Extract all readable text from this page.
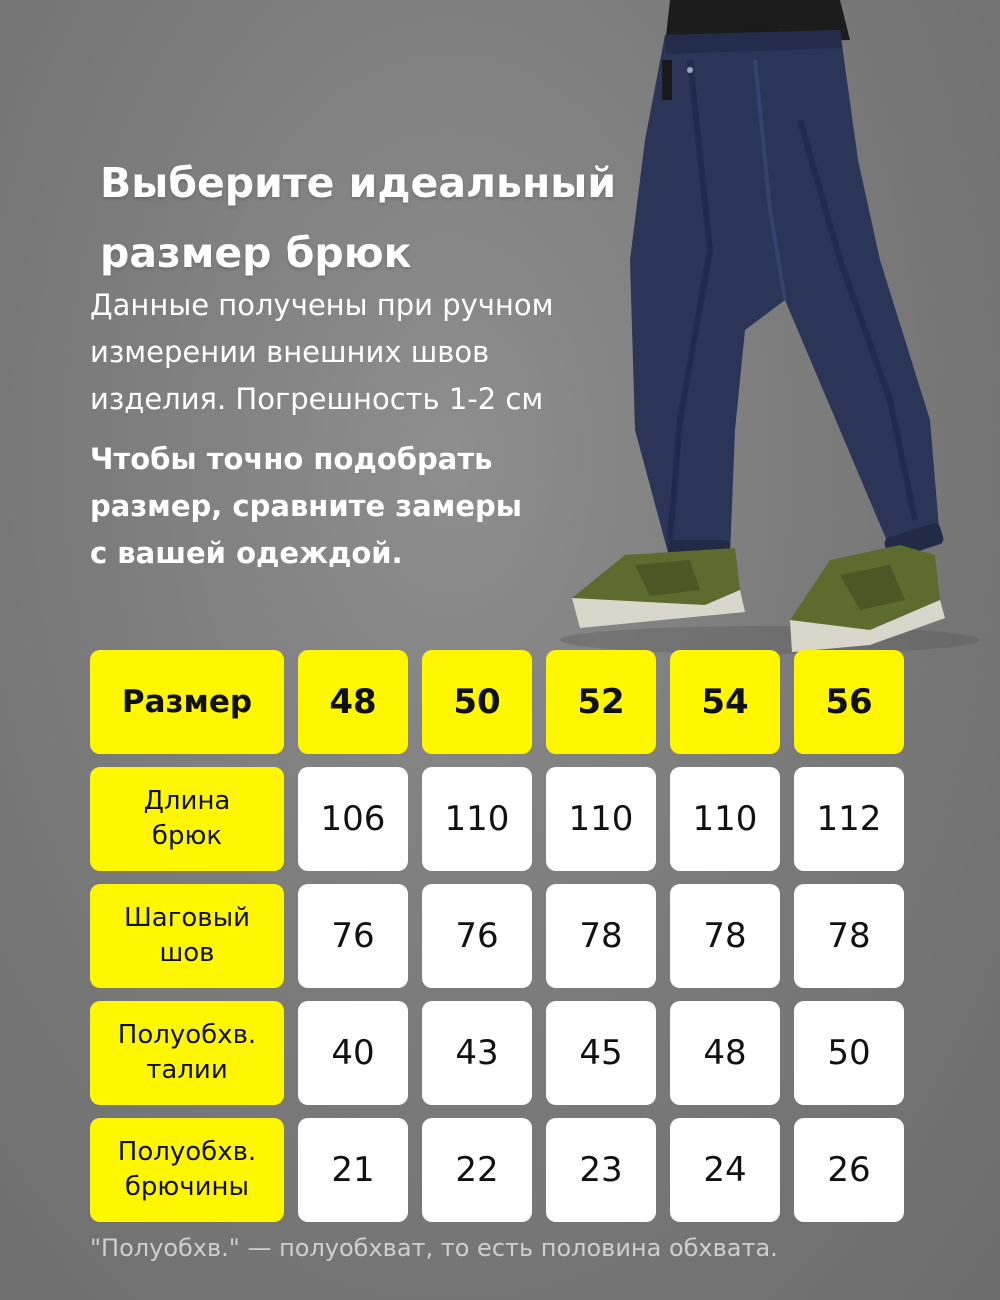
Выберите идеальный
размер брюк
Данные получены при ручном
измерении внешних швов
изделия. Погрешность 1-2 см
Чтобы точно подобрать
размер, сравните замеры
с вашей одеждой.
Размер	48	50	52	54	56
Длина
брюк	106	110	110	110	112
Шаговый
шов	76	76	78	78	78
Полуобхв.
талии	40	43	45	48	50
Полуобхв.
брючины	21	22	23	24	26
"Полуобхв." — полуобхват, то есть половина обхвата.
